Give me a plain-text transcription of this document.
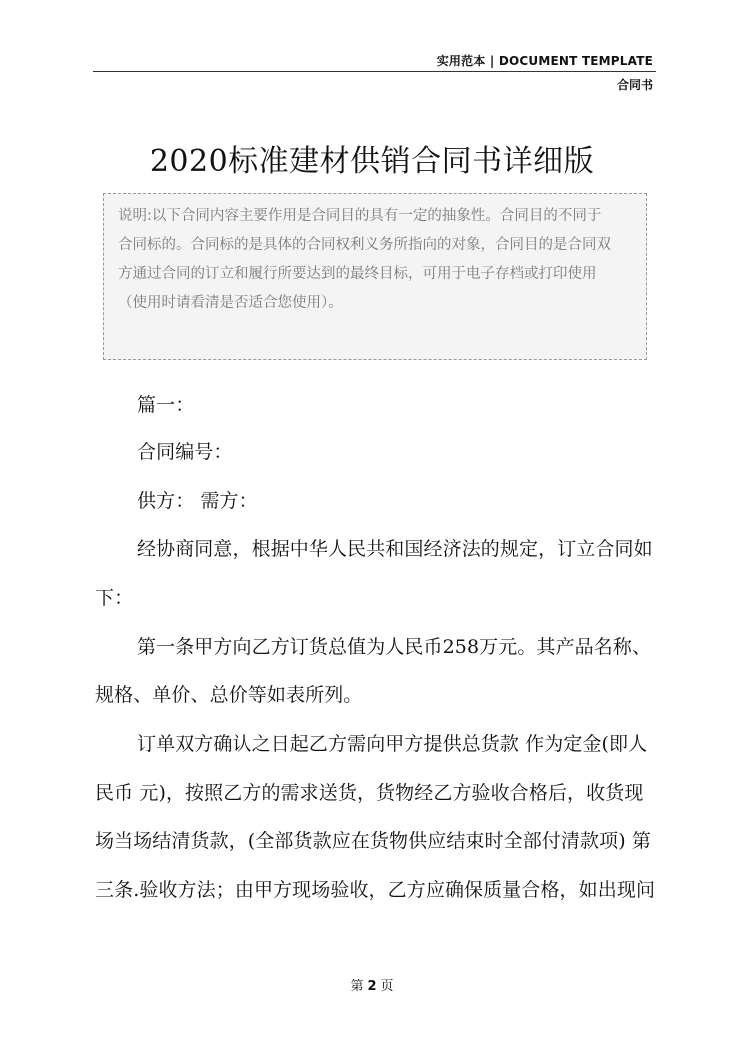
实用范本 | DOCUMENT TEMPLATE
合同书
2020标准建材供销合同书详细版

说明:以下合同内容主要作用是合同目的具有一定的抽象性。合同目的不同于

合同标的。合同标的是具体的合同权利义务所指向的对象，合同目的是合同双

方通过合同的订立和履行所要达到的最终目标，可用于电子存档或打印使用

（使用时请看清是否适合您使用）。

篇一：

合同编号：

供方： 需方：

经协商同意，根据中华人民共和国经济法的规定，订立合同如

下：

第一条甲方向乙方订货总值为人民币258万元。其产品名称、

规格、单价、总价等如表所列。

订单双方确认之日起乙方需向甲方提供总货款 作为定金(即人

民币 元)，按照乙方的需求送货，货物经乙方验收合格后，收货现

场当场结清货款，(全部货款应在货物供应结束时全部付清款项) 第

三条.验收方法；由甲方现场验收，乙方应确保质量合格，如出现问

第 2 页
